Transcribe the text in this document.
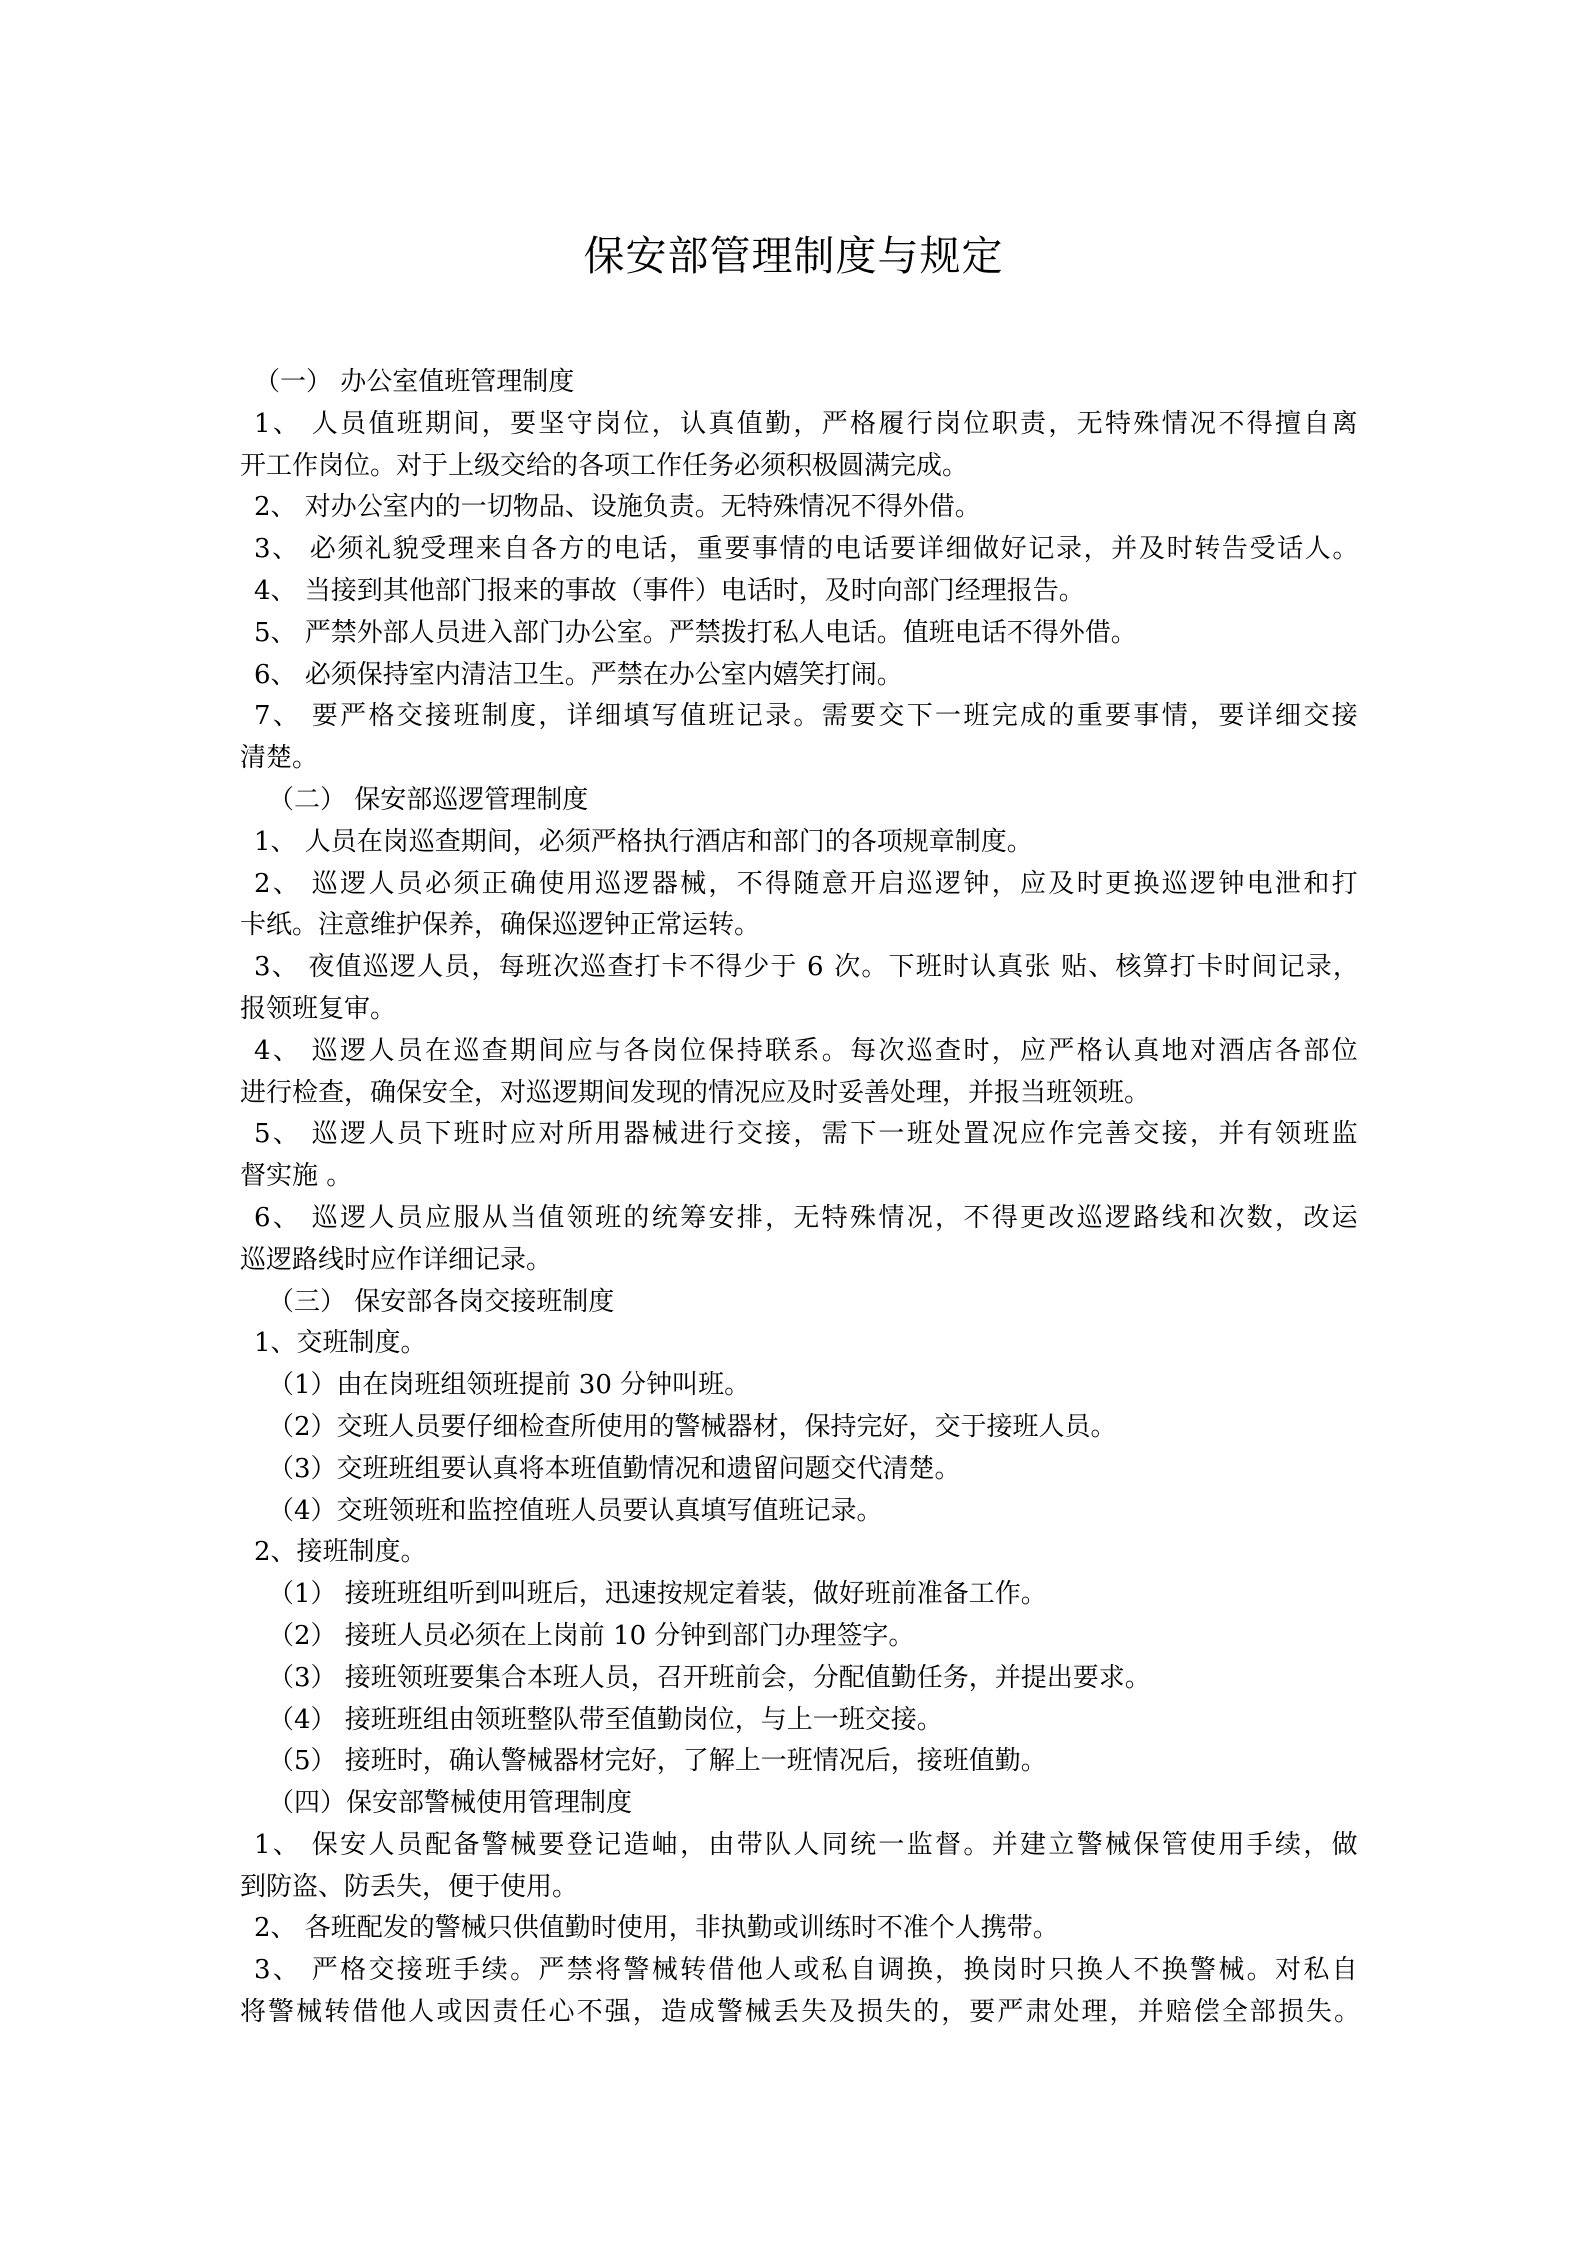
保安部管理制度与规定
（一） 办公室值班管理制度
1、 人员值班期间，要坚守岗位，认真值勤，严格履行岗位职责，无特殊情况不得擅自离
开工作岗位。对于上级交给的各项工作任务必须积极圆满完成。
2、 对办公室内的一切物品、设施负责。无特殊情况不得外借。
3、 必须礼貌受理来自各方的电话，重要事情的电话要详细做好记录，并及时转告受话人。
4、 当接到其他部门报来的事故（事件）电话时，及时向部门经理报告。
5、 严禁外部人员进入部门办公室。严禁拨打私人电话。值班电话不得外借。
6、 必须保持室内清洁卫生。严禁在办公室内嬉笑打闹。
7、 要严格交接班制度，详细填写值班记录。需要交下一班完成的重要事情，要详细交接
清楚。
（二） 保安部巡逻管理制度
1、 人员在岗巡查期间，必须严格执行酒店和部门的各项规章制度。
2、 巡逻人员必须正确使用巡逻器械，不得随意开启巡逻钟，应及时更换巡逻钟电泄和打
卡纸。注意维护保养，确保巡逻钟正常运转。
3、 夜值巡逻人员，每班次巡查打卡不得少于 6 次。下班时认真张 贴、核算打卡时间记录，
报领班复审。
4、 巡逻人员在巡查期间应与各岗位保持联系。每次巡查时，应严格认真地对酒店各部位
进行检查，确保安全，对巡逻期间发现的情况应及时妥善处理，并报当班领班。
5、 巡逻人员下班时应对所用器械进行交接，需下一班处置况应作完善交接，并有领班监
督实施 。
6、 巡逻人员应服从当值领班的统筹安排，无特殊情况，不得更改巡逻路线和次数，改运
巡逻路线时应作详细记录。
（三） 保安部各岗交接班制度
1、交班制度。
（1）由在岗班组领班提前 30 分钟叫班。
（2）交班人员要仔细检查所使用的警械器材，保持完好，交于接班人员。
（3）交班班组要认真将本班值勤情况和遗留问题交代清楚。
（4）交班领班和监控值班人员要认真填写值班记录。
2、接班制度。
（1） 接班班组听到叫班后，迅速按规定着装，做好班前准备工作。
（2） 接班人员必须在上岗前 10 分钟到部门办理签字。
（3） 接班领班要集合本班人员，召开班前会，分配值勤任务，并提出要求。
（4） 接班班组由领班整队带至值勤岗位，与上一班交接。
（5） 接班时，确认警械器材完好，了解上一班情况后，接班值勤。
（四）保安部警械使用管理制度
1、 保安人员配备警械要登记造岫，由带队人同统一监督。并建立警械保管使用手续，做
到防盗、防丢失，便于使用。
2、 各班配发的警械只供值勤时使用，非执勤或训练时不准个人携带。
3、 严格交接班手续。严禁将警械转借他人或私自调换，换岗时只换人不换警械。对私自
将警械转借他人或因责任心不强，造成警械丢失及损失的，要严肃处理，并赔偿全部损失。
